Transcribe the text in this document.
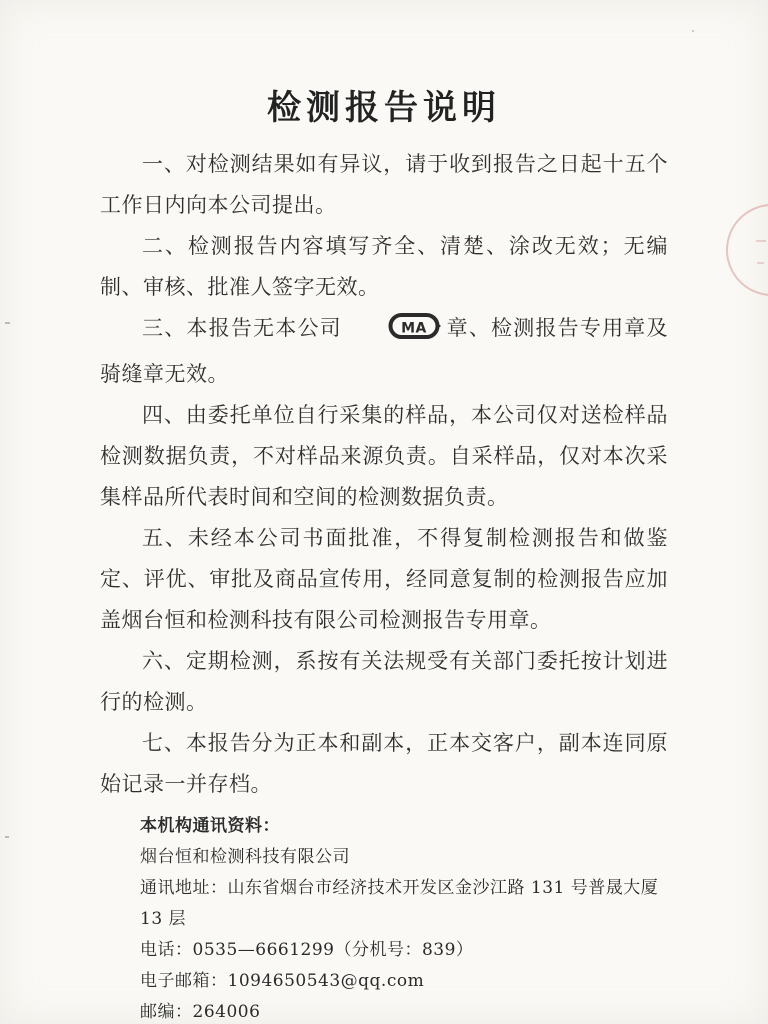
检测报告说明

一、对检测结果如有异议，请于收到报告之日起十五个工作日内向本公司提出。

二、检测报告内容填写齐全、清楚、涂改无效；无编制、审核、批准人签字无效。

三、本报告无本公司	MA 章、检测报告专用章及骑缝章无效。

四、由委托单位自行采集的样品，本公司仅对送检样品检测数据负责，不对样品来源负责。自采样品，仅对本次采集样品所代表时间和空间的检测数据负责。

五、未经本公司书面批准，不得复制检测报告和做鉴定、评优、审批及商品宣传用，经同意复制的检测报告应加盖烟台恒和检测科技有限公司检测报告专用章。

六、定期检测，系按有关法规受有关部门委托按计划进行的检测。

七、本报告分为正本和副本，正本交客户，副本连同原始记录一并存档。

本机构通讯资料：
烟台恒和检测科技有限公司
通讯地址：山东省烟台市经济技术开发区金沙江路 131 号普晟大厦 13 层
电话：0535—6661299（分机号：839）
电子邮箱：1094650543@qq.com
邮编：264006
